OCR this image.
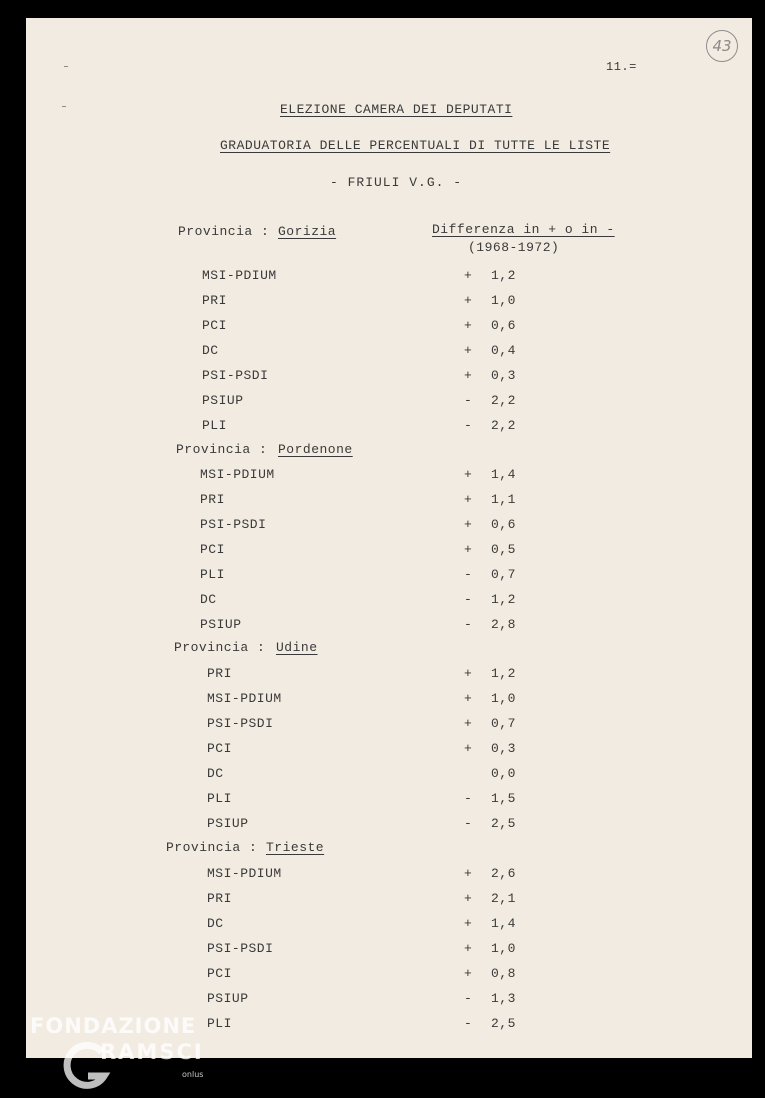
11.=
43
ELEZIONE CAMERA DEI DEPUTATI
GRADUATORIA DELLE PERCENTUALI DI TUTTE LE LISTE
- FRIULI V.G. -
Differenza in + o in -
(1968-1972)
Provincia : Gorizia
MSI-PDIUM	+ 1,2
PRI	+ 1,0
PCI	+ 0,6
DC	+ 0,4
PSI-PSDI	+ 0,3
PSIUP	- 2,2
PLI	- 2,2
Provincia : Pordenone
MSI-PDIUM	+ 1,4
PRI	+ 1,1
PSI-PSDI	+ 0,6
PCI	+ 0,5
PLI	- 0,7
DC	- 1,2
PSIUP	- 2,8
Provincia : Udine
PRI	+ 1,2
MSI-PDIUM	+ 1,0
PSI-PSDI	+ 0,7
PCI	+ 0,3
DC	0,0
PLI	- 1,5
PSIUP	- 2,5
Provincia : Trieste
MSI-PDIUM	+ 2,6
PRI	+ 2,1
DC	+ 1,4
PSI-PSDI	+ 1,0
PCI	+ 0,8
PSIUP	- 1,3
PLI	- 2,5
FONDAZIONE
RAMSCI
onlus
